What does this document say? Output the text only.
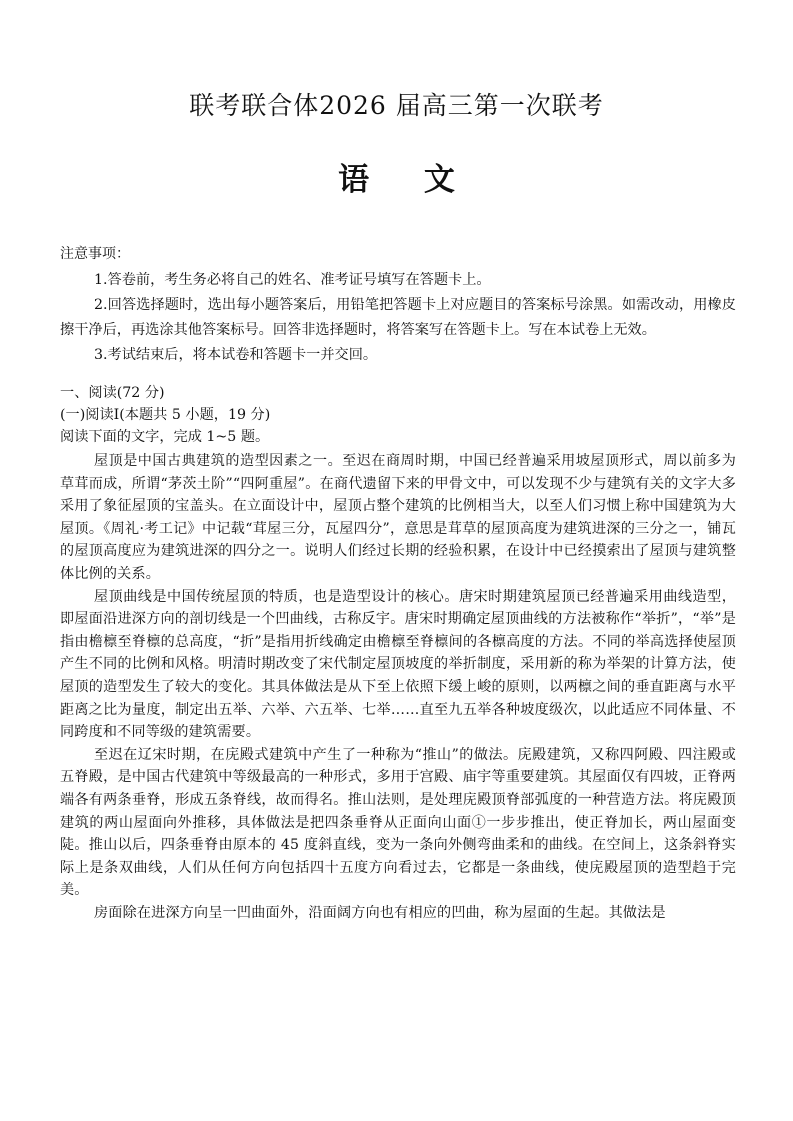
联考联合体2026 届高三第一次联考
语 文

注意事项：

1.答卷前，考生务必将自己的姓名、准考证号填写在答题卡上。

2.回答选择题时，选出每小题答案后，用铅笔把答题卡上对应题目的答案标号涂黑。如需改动，用橡皮擦干净后，再选涂其他答案标号。回答非选择题时，将答案写在答题卡上。写在本试卷上无效。

3.考试结束后，将本试卷和答题卡一并交回。

一、阅读(72 分)

(一)阅读Ⅰ(本题共 5 小题，19 分)

阅读下面的文字，完成 1~5 题。

屋顶是中国古典建筑的造型因素之一。至迟在商周时期，中国已经普遍采用坡屋顶形式，周以前多为草茸而成，所谓“茅茨土阶”“四阿重屋”。在商代遗留下来的甲骨文中，可以发现不少与建筑有关的文字大多采用了象征屋顶的宝盖头。在立面设计中，屋顶占整个建筑的比例相当大，以至人们习惯上称中国建筑为大屋顶。《周礼·考工记》中记载“茸屋三分，瓦屋四分”，意思是茸草的屋顶高度为建筑进深的三分之一，铺瓦的屋顶高度应为建筑进深的四分之一。说明人们经过长期的经验积累，在设计中已经摸索出了屋顶与建筑整体比例的关系。

屋顶曲线是中国传统屋顶的特质，也是造型设计的核心。唐宋时期建筑屋顶已经普遍采用曲线造型，即屋面沿进深方向的剖切线是一个凹曲线，古称反宇。唐宋时期确定屋顶曲线的方法被称作“举折”，“举”是指由檐檩至脊檩的总高度，“折”是指用折线确定由檐檩至脊檩间的各檩高度的方法。不同的举高选择使屋顶产生不同的比例和风格。明清时期改变了宋代制定屋顶坡度的举折制度，采用新的称为举架的计算方法，使屋顶的造型发生了较大的变化。其具体做法是从下至上依照下缓上峻的原则，以两檩之间的垂直距离与水平距离之比为量度，制定出五举、六举、六五举、七举……直至九五举各种坡度级次，以此适应不同体量、不同跨度和不同等级的建筑需要。

至迟在辽宋时期，在庑殿式建筑中产生了一种称为“推山”的做法。庑殿建筑，又称四阿殿、四注殿或五脊殿，是中国古代建筑中等级最高的一种形式，多用于宫殿、庙宇等重要建筑。其屋面仅有四坡，正脊两端各有两条垂脊，形成五条脊线，故而得名。推山法则，是处理庑殿顶脊部弧度的一种营造方法。将庑殿顶建筑的两山屋面向外推移，具体做法是把四条垂脊从正面向山面①一步步推出，使正脊加长，两山屋面变陡。推山以后，四条垂脊由原本的 45 度斜直线，变为一条向外侧弯曲柔和的曲线。在空间上，这条斜脊实际上是条双曲线，人们从任何方向包括四十五度方向看过去，它都是一条曲线，使庑殿屋顶的造型趋于完美。

房面除在进深方向呈一凹曲面外，沿面阔方向也有相应的凹曲，称为屋面的生起。其做法是
